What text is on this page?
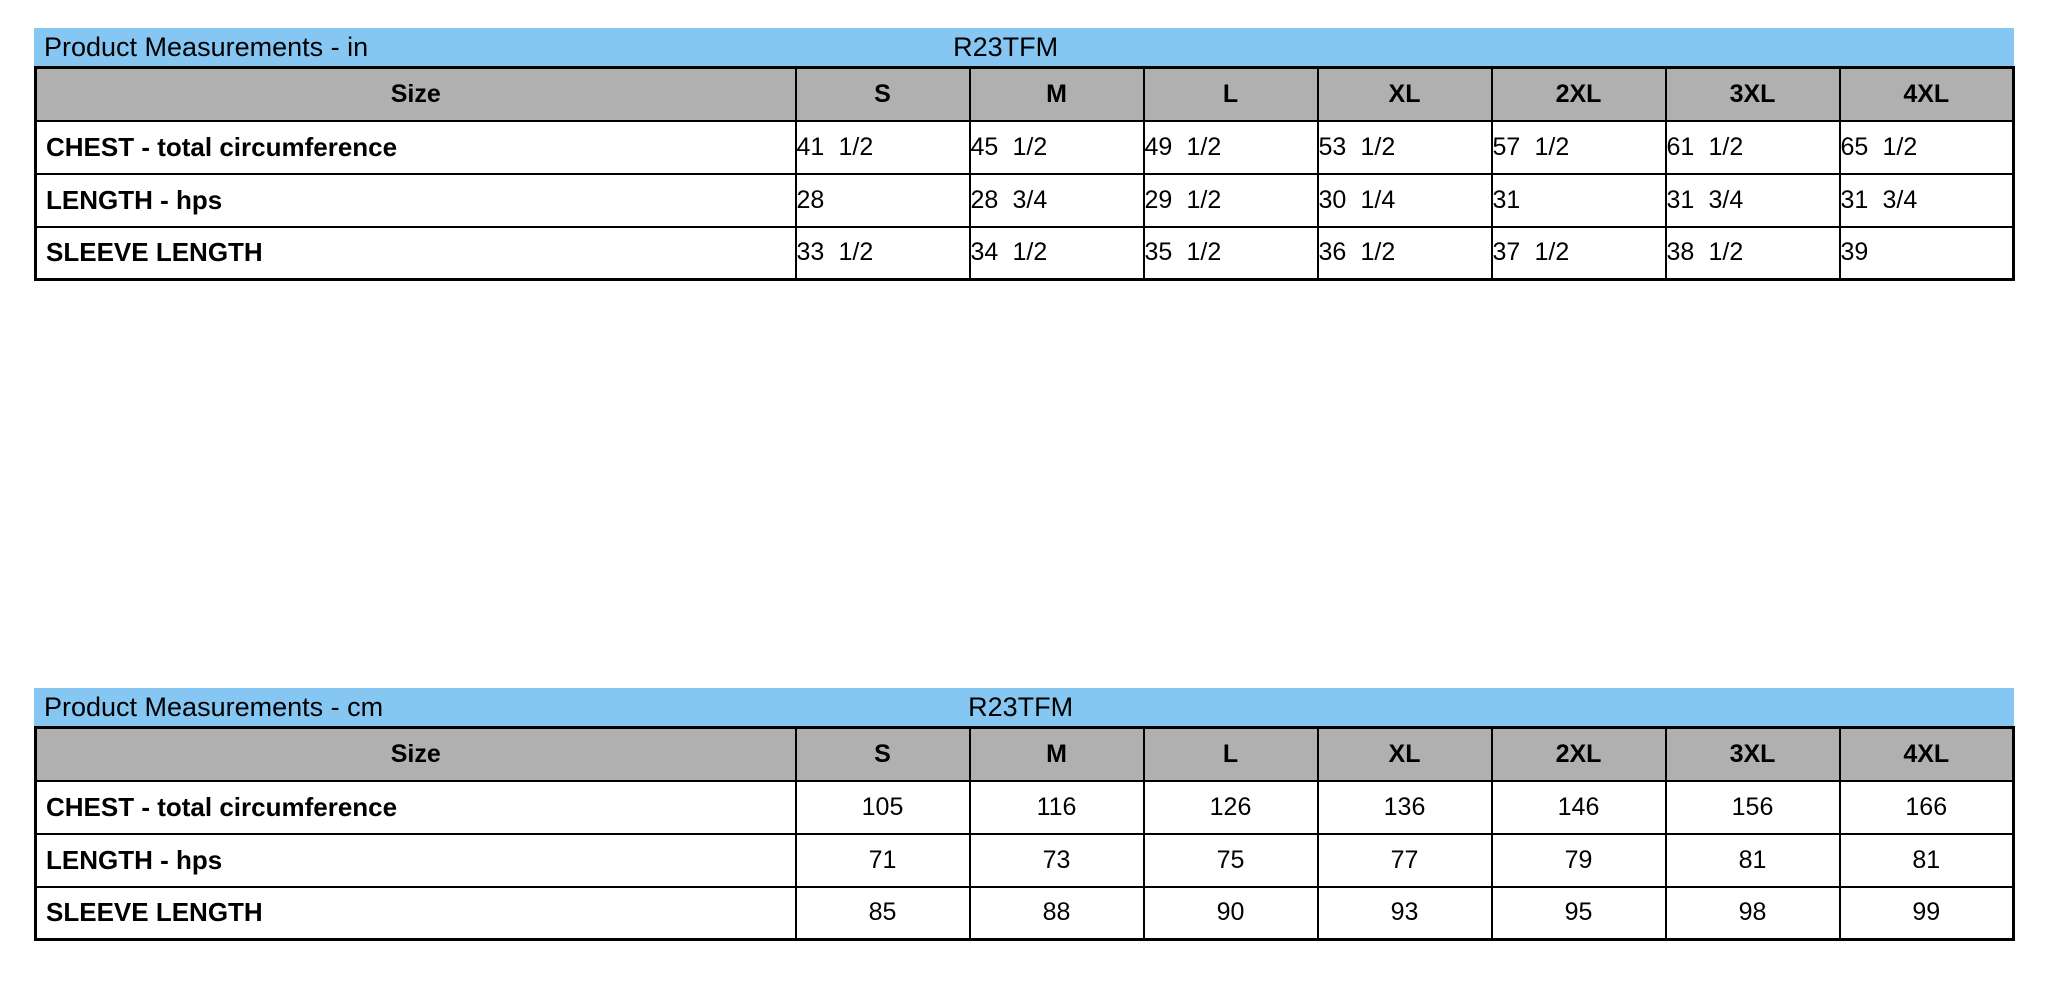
Product Measurements - in	R23TFM
Size	S	M	L	XL	2XL	3XL	4XL
CHEST - total circumference	41 1/2	45 1/2	49 1/2	53 1/2	57 1/2	61 1/2	65 1/2
LENGTH - hps	28	28 3/4	29 1/2	30 1/4	31	31 3/4	31 3/4
SLEEVE LENGTH	33 1/2	34 1/2	35 1/2	36 1/2	37 1/2	38 1/2	39
Product Measurements - cm	R23TFM
Size	S	M	L	XL	2XL	3XL	4XL
CHEST - total circumference	105	116	126	136	146	156	166
LENGTH - hps	71	73	75	77	79	81	81
SLEEVE LENGTH	85	88	90	93	95	98	99
